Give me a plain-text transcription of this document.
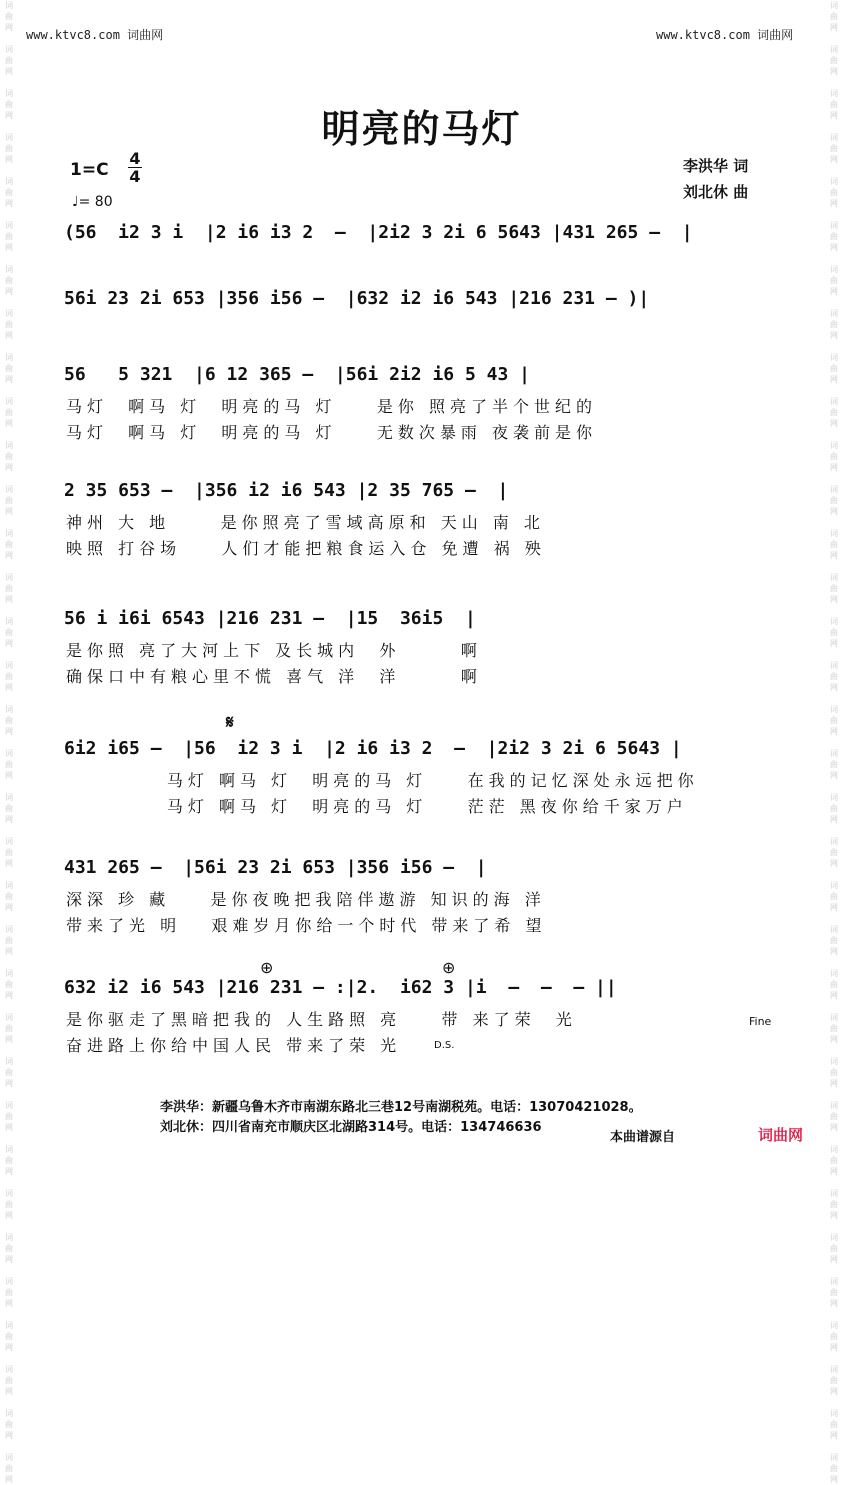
词
曲
网

词
曲
网

词
曲
网

词
曲
网

词
曲
网

词
曲
网

词
曲
网

词
曲
网

词
曲
网

词
曲
网

词
曲
网

词
曲
网

词
曲
网

词
曲
网

词
曲
网

词
曲
网

词
曲
网

词
曲
网

词
曲
网

词
曲
网

词
曲
网

词
曲
网

词
曲
网

词
曲
网

词
曲
网

词
曲
网

词
曲
网

词
曲
网

词
曲
网

词
曲
网

词
曲
网

词
曲
网

词
曲
网

词
曲
网

词
曲
网

词
曲
网

词
曲
网

词
曲
网

词
曲
网

词
曲
网

词
曲
网

词
曲
网

词
曲
网

词
曲
网

词
曲
网

词
曲
网

词
曲
网

词
曲
网

词
曲
网

词
曲
网

词
曲
网

词
曲
网

词
曲
网

词
曲
网

词
曲
网

词
曲
网

词
曲
网

词
曲
网

词
曲
网

词
曲
网

词
曲
网

词
曲
网

词
曲
网

词
曲
网

词
曲
网

词
曲
网

词
曲
网

词
曲
网

www.ktvc8.com 词曲网	www.ktvc8.com 词曲网
明亮的马灯
1=C
4
4
♩= 80
李洪华 词
刘北休 曲
(56  i2 3 i  |2 i6 i3 2  –  |2i2 3 2i 6 5643 |431 265 –  |
56i 23 2i 653 |356 i56 –  |632 i2 i6 543 |216 231 – )|
56   5 321  |6 12 365 –  |56i 2i2 i6 5 43 |
马灯  啊马 灯  明亮的马 灯    是你 照亮了半个世纪的
马灯  啊马 灯  明亮的马 灯    无数次暴雨 夜袭前是你
2 35 653 –  |356 i2 i6 543 |2 35 765 –  |
神州 大 地     是你照亮了雪域高原和 天山 南 北
映照 打谷场    人们才能把粮食运入仓 免遭 祸 殃
56 i i6i 6543 |216 231 –  |15  36i5  |
是你照 亮了大河上下 及长城内  外      啊
确保口中有粮心里不慌 喜气 洋  洋      啊
6i2 i65 –  |56  i2 3 i  |2 i6 i3 2  –  |2i2 3 2i 6 5643 |
马灯 啊马 灯  明亮的马 灯    在我的记忆深处永远把你
马灯 啊马 灯  明亮的马 灯    茫茫 黑夜你给千家万户
431 265 –  |56i 23 2i 653 |356 i56 –  |
深深 珍 藏    是你夜晚把我陪伴遨游 知识的海 洋
带来了光 明   艰难岁月你给一个时代 带来了希 望
632 i2 i6 543 |216 231 – :|2.  i62 3 |i  –  –  – ||
是你驱走了黑暗把我的 人生路照 亮    带 来了荣  光
奋进路上你给中国人民 带来了荣 光
𝄋
⊕	⊕
Fine
D.S.
李洪华：新疆乌鲁木齐市南湖东路北三巷12号南湖税苑。电话：13070421028。
刘北休：四川省南充市顺庆区北湖路314号。电话：134746636
本曲谱源自	词曲网
